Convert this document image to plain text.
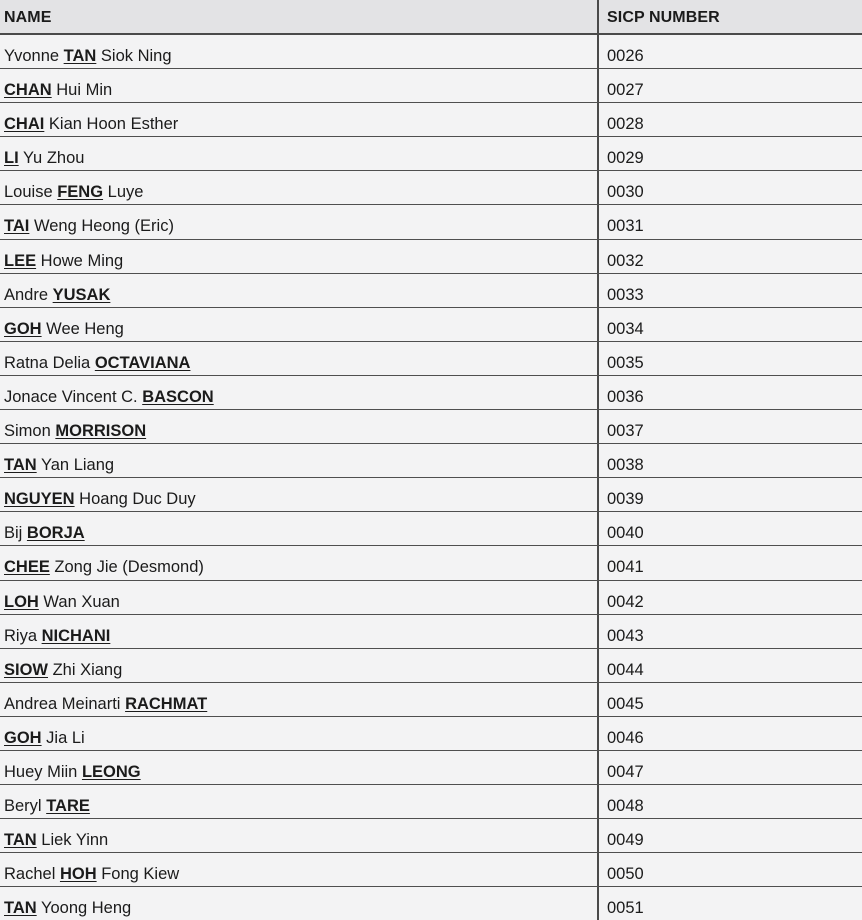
NAME	SICP NUMBER
Yvonne TAN Siok Ning	0026
CHAN Hui Min	0027
CHAI Kian Hoon Esther	0028
LI Yu Zhou	0029
Louise FENG Luye	0030
TAI Weng Heong (Eric)	0031
LEE Howe Ming	0032
Andre YUSAK	0033
GOH Wee Heng	0034
Ratna Delia OCTAVIANA	0035
Jonace Vincent C. BASCON	0036
Simon MORRISON	0037
TAN Yan Liang	0038
NGUYEN Hoang Duc Duy	0039
Bij BORJA	0040
CHEE Zong Jie (Desmond)	0041
LOH Wan Xuan	0042
Riya NICHANI	0043
SIOW Zhi Xiang	0044
Andrea Meinarti RACHMAT	0045
GOH Jia Li	0046
Huey Miin LEONG	0047
Beryl TARE	0048
TAN Liek Yinn	0049
Rachel HOH Fong Kiew	0050
TAN Yoong Heng	0051
